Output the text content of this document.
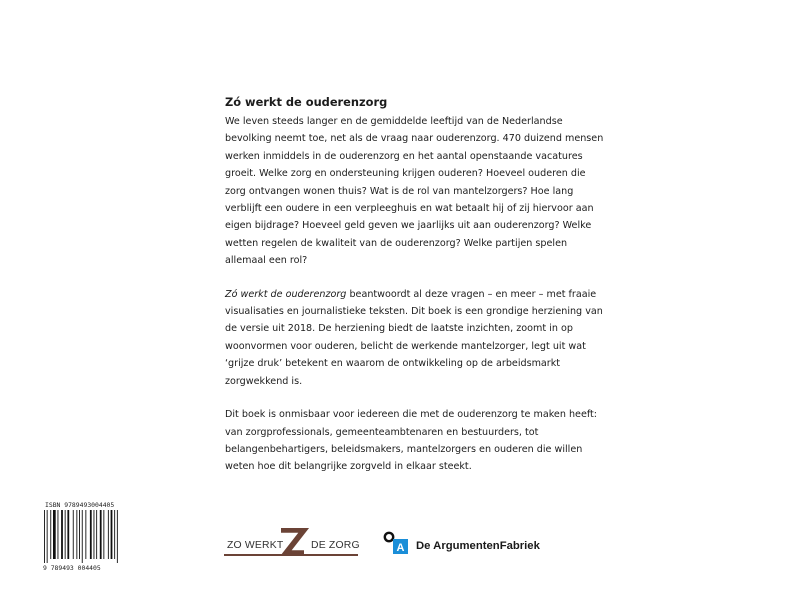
Zó werkt de ouderenzorg

We leven steeds langer en de gemiddelde leeftijd van de Nederlandse bevolking neemt toe, net als de vraag naar ouderenzorg. 470 duizend mensen werken inmiddels in de ouderenzorg en het aantal openstaande vacatures groeit. Welke zorg en ondersteuning krijgen ouderen? Hoeveel ouderen die zorg ontvangen wonen thuis? Wat is de rol van mantelzorgers? Hoe lang verblijft een oudere in een verpleeghuis en wat betaalt hij of zij hiervoor aan eigen bijdrage? Hoeveel geld geven we jaarlijks uit aan ouderenzorg? Welke wetten regelen de kwaliteit van de ouderenzorg? Welke partijen spelen allemaal een rol?

Zó werkt de ouderenzorg beantwoordt al deze vragen – en meer – met fraaie visualisaties en journalistieke teksten. Dit boek is een grondige herziening van de versie uit 2018. De herziening biedt de laatste inzichten, zoomt in op woonvormen voor ouderen, belicht de werkende mantelzorger, legt uit wat ‘grijze druk’ betekent en waarom de ontwikkeling op de arbeidsmarkt zorgwekkend is.

Dit boek is onmisbaar voor iedereen die met de ouderenzorg te maken heeft: van zorgprofessionals, gemeenteambtenaren en bestuurders, tot belangenbehartigers, beleidsmakers, mantelzorgers en ouderen die willen weten hoe dit belangrijke zorgveld in elkaar steekt.

ISBN 9789493004405
9 789493 004405
ZO WERKT	DE ZORG	A De ArgumentenFabriek
